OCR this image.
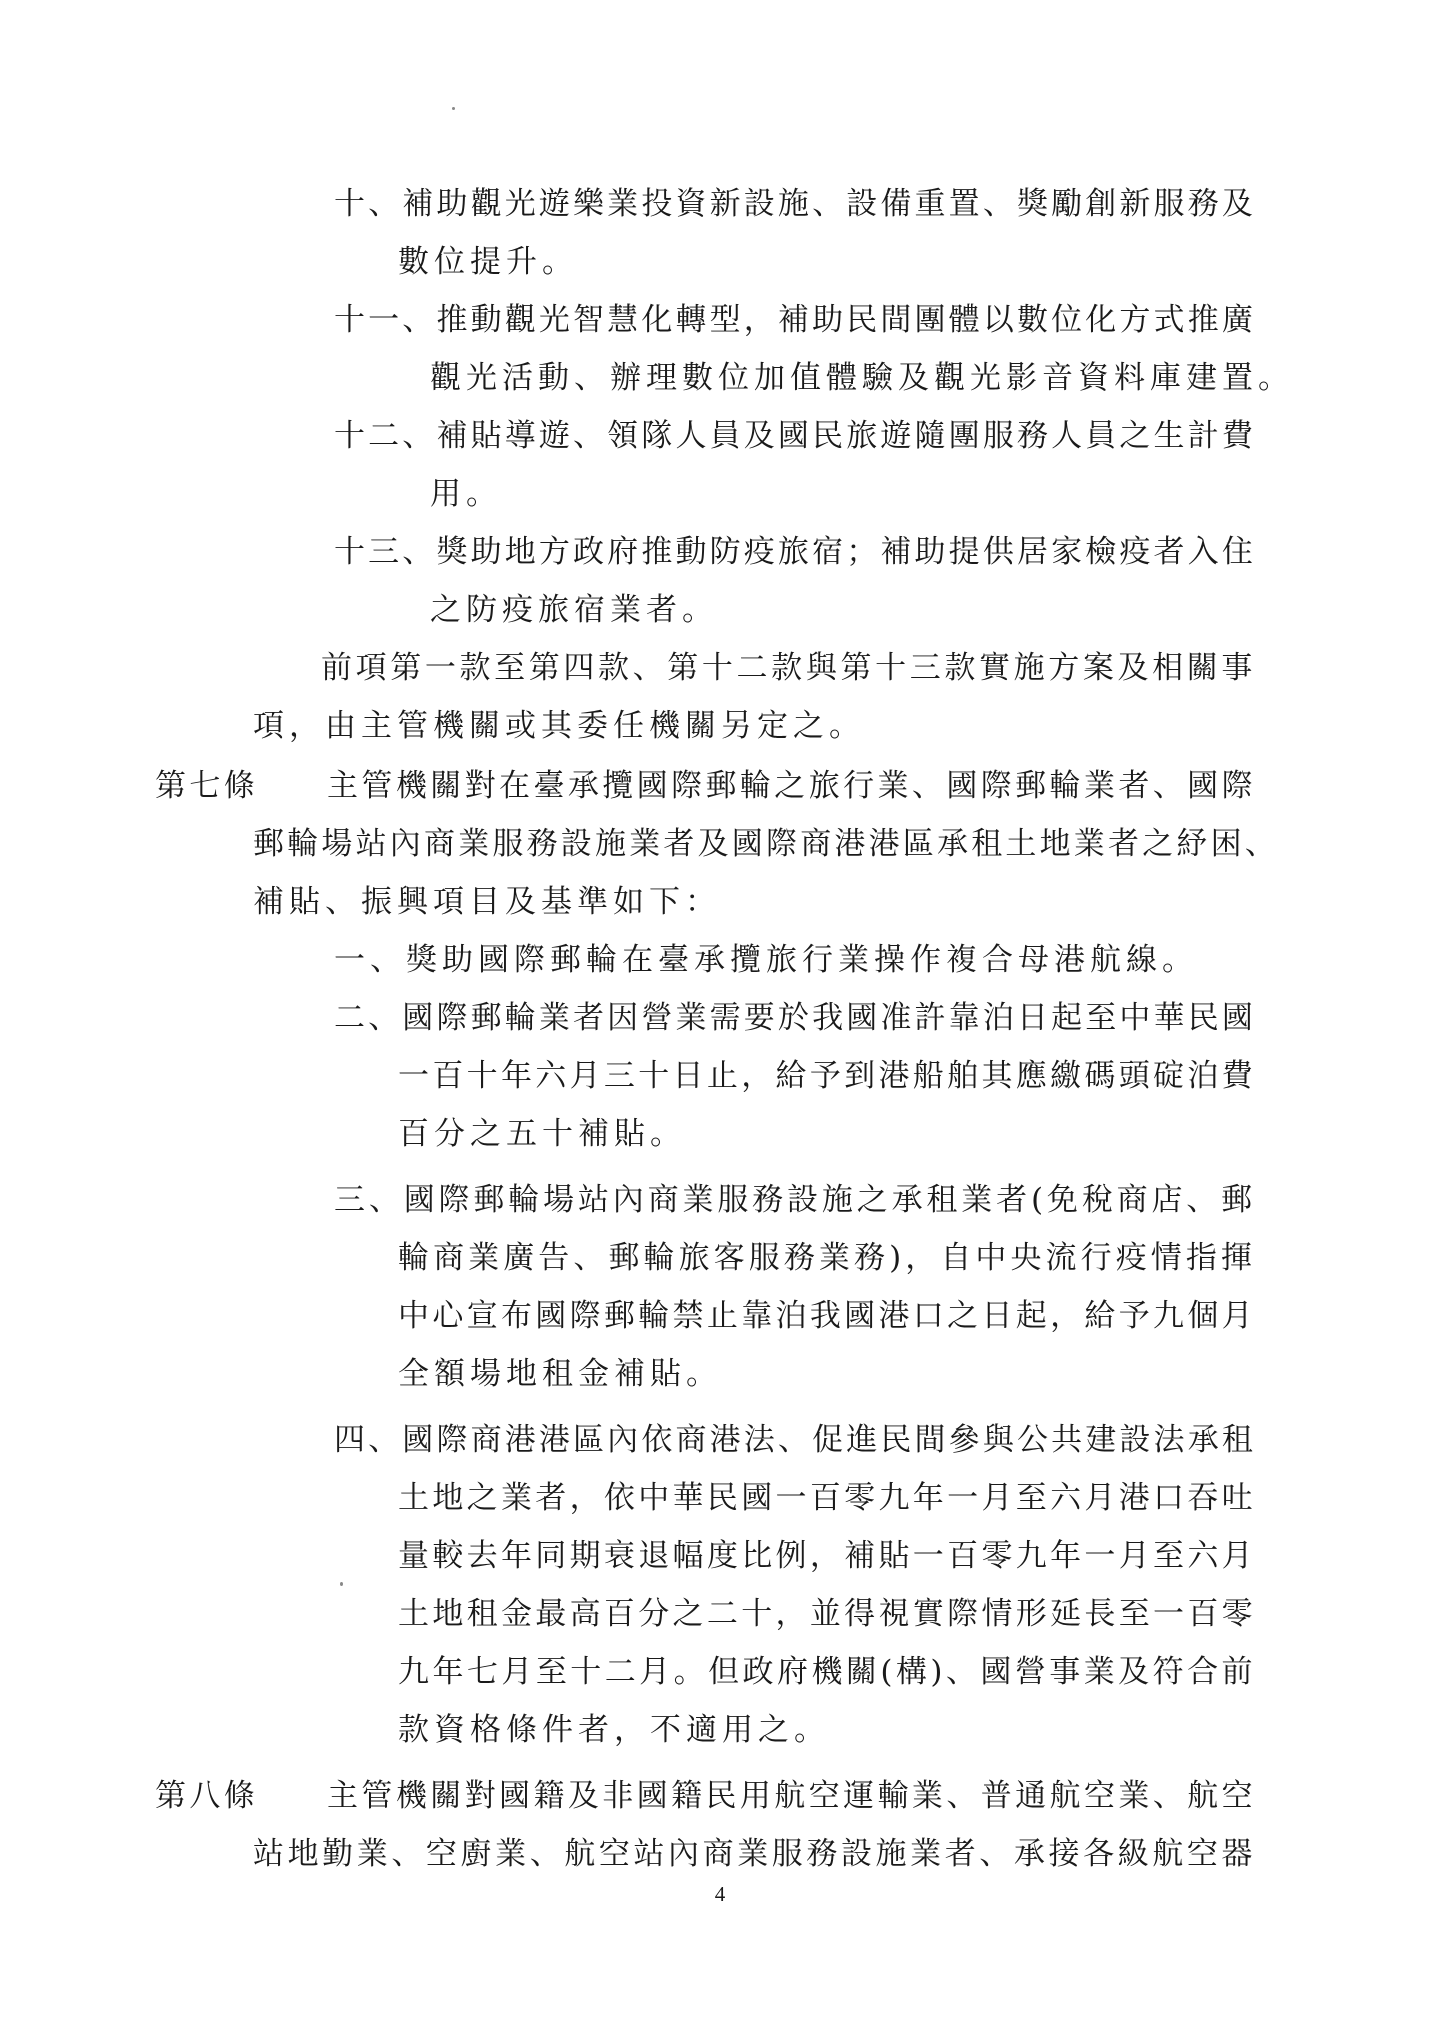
十、補助觀光遊樂業投資新設施、設備重置、獎勵創新服務及
數位提升。
十一、推動觀光智慧化轉型，補助民間團體以數位化方式推廣
觀光活動、辦理數位加值體驗及觀光影音資料庫建置。
十二、補貼導遊、領隊人員及國民旅遊隨團服務人員之生計費
用。
十三、獎助地方政府推動防疫旅宿；補助提供居家檢疫者入住
之防疫旅宿業者。
前項第一款至第四款、第十二款與第十三款實施方案及相關事
項，由主管機關或其委任機關另定之。
第七條　　主管機關對在臺承攬國際郵輪之旅行業、國際郵輪業者、國際
郵輪場站內商業服務設施業者及國際商港港區承租土地業者之紓困、
補貼、振興項目及基準如下：
一、獎助國際郵輪在臺承攬旅行業操作複合母港航線。
二、國際郵輪業者因營業需要於我國准許靠泊日起至中華民國
一百十年六月三十日止，給予到港船舶其應繳碼頭碇泊費
百分之五十補貼。
三、國際郵輪場站內商業服務設施之承租業者(免稅商店、郵
輪商業廣告、郵輪旅客服務業務)，自中央流行疫情指揮
中心宣布國際郵輪禁止靠泊我國港口之日起，給予九個月
全額場地租金補貼。
四、國際商港港區內依商港法、促進民間參與公共建設法承租
土地之業者，依中華民國一百零九年一月至六月港口吞吐
量較去年同期衰退幅度比例，補貼一百零九年一月至六月
土地租金最高百分之二十，並得視實際情形延長至一百零
九年七月至十二月。但政府機關(構)、國營事業及符合前
款資格條件者，不適用之。
第八條　　主管機關對國籍及非國籍民用航空運輸業、普通航空業、航空
站地勤業、空廚業、航空站內商業服務設施業者、承接各級航空器
4
